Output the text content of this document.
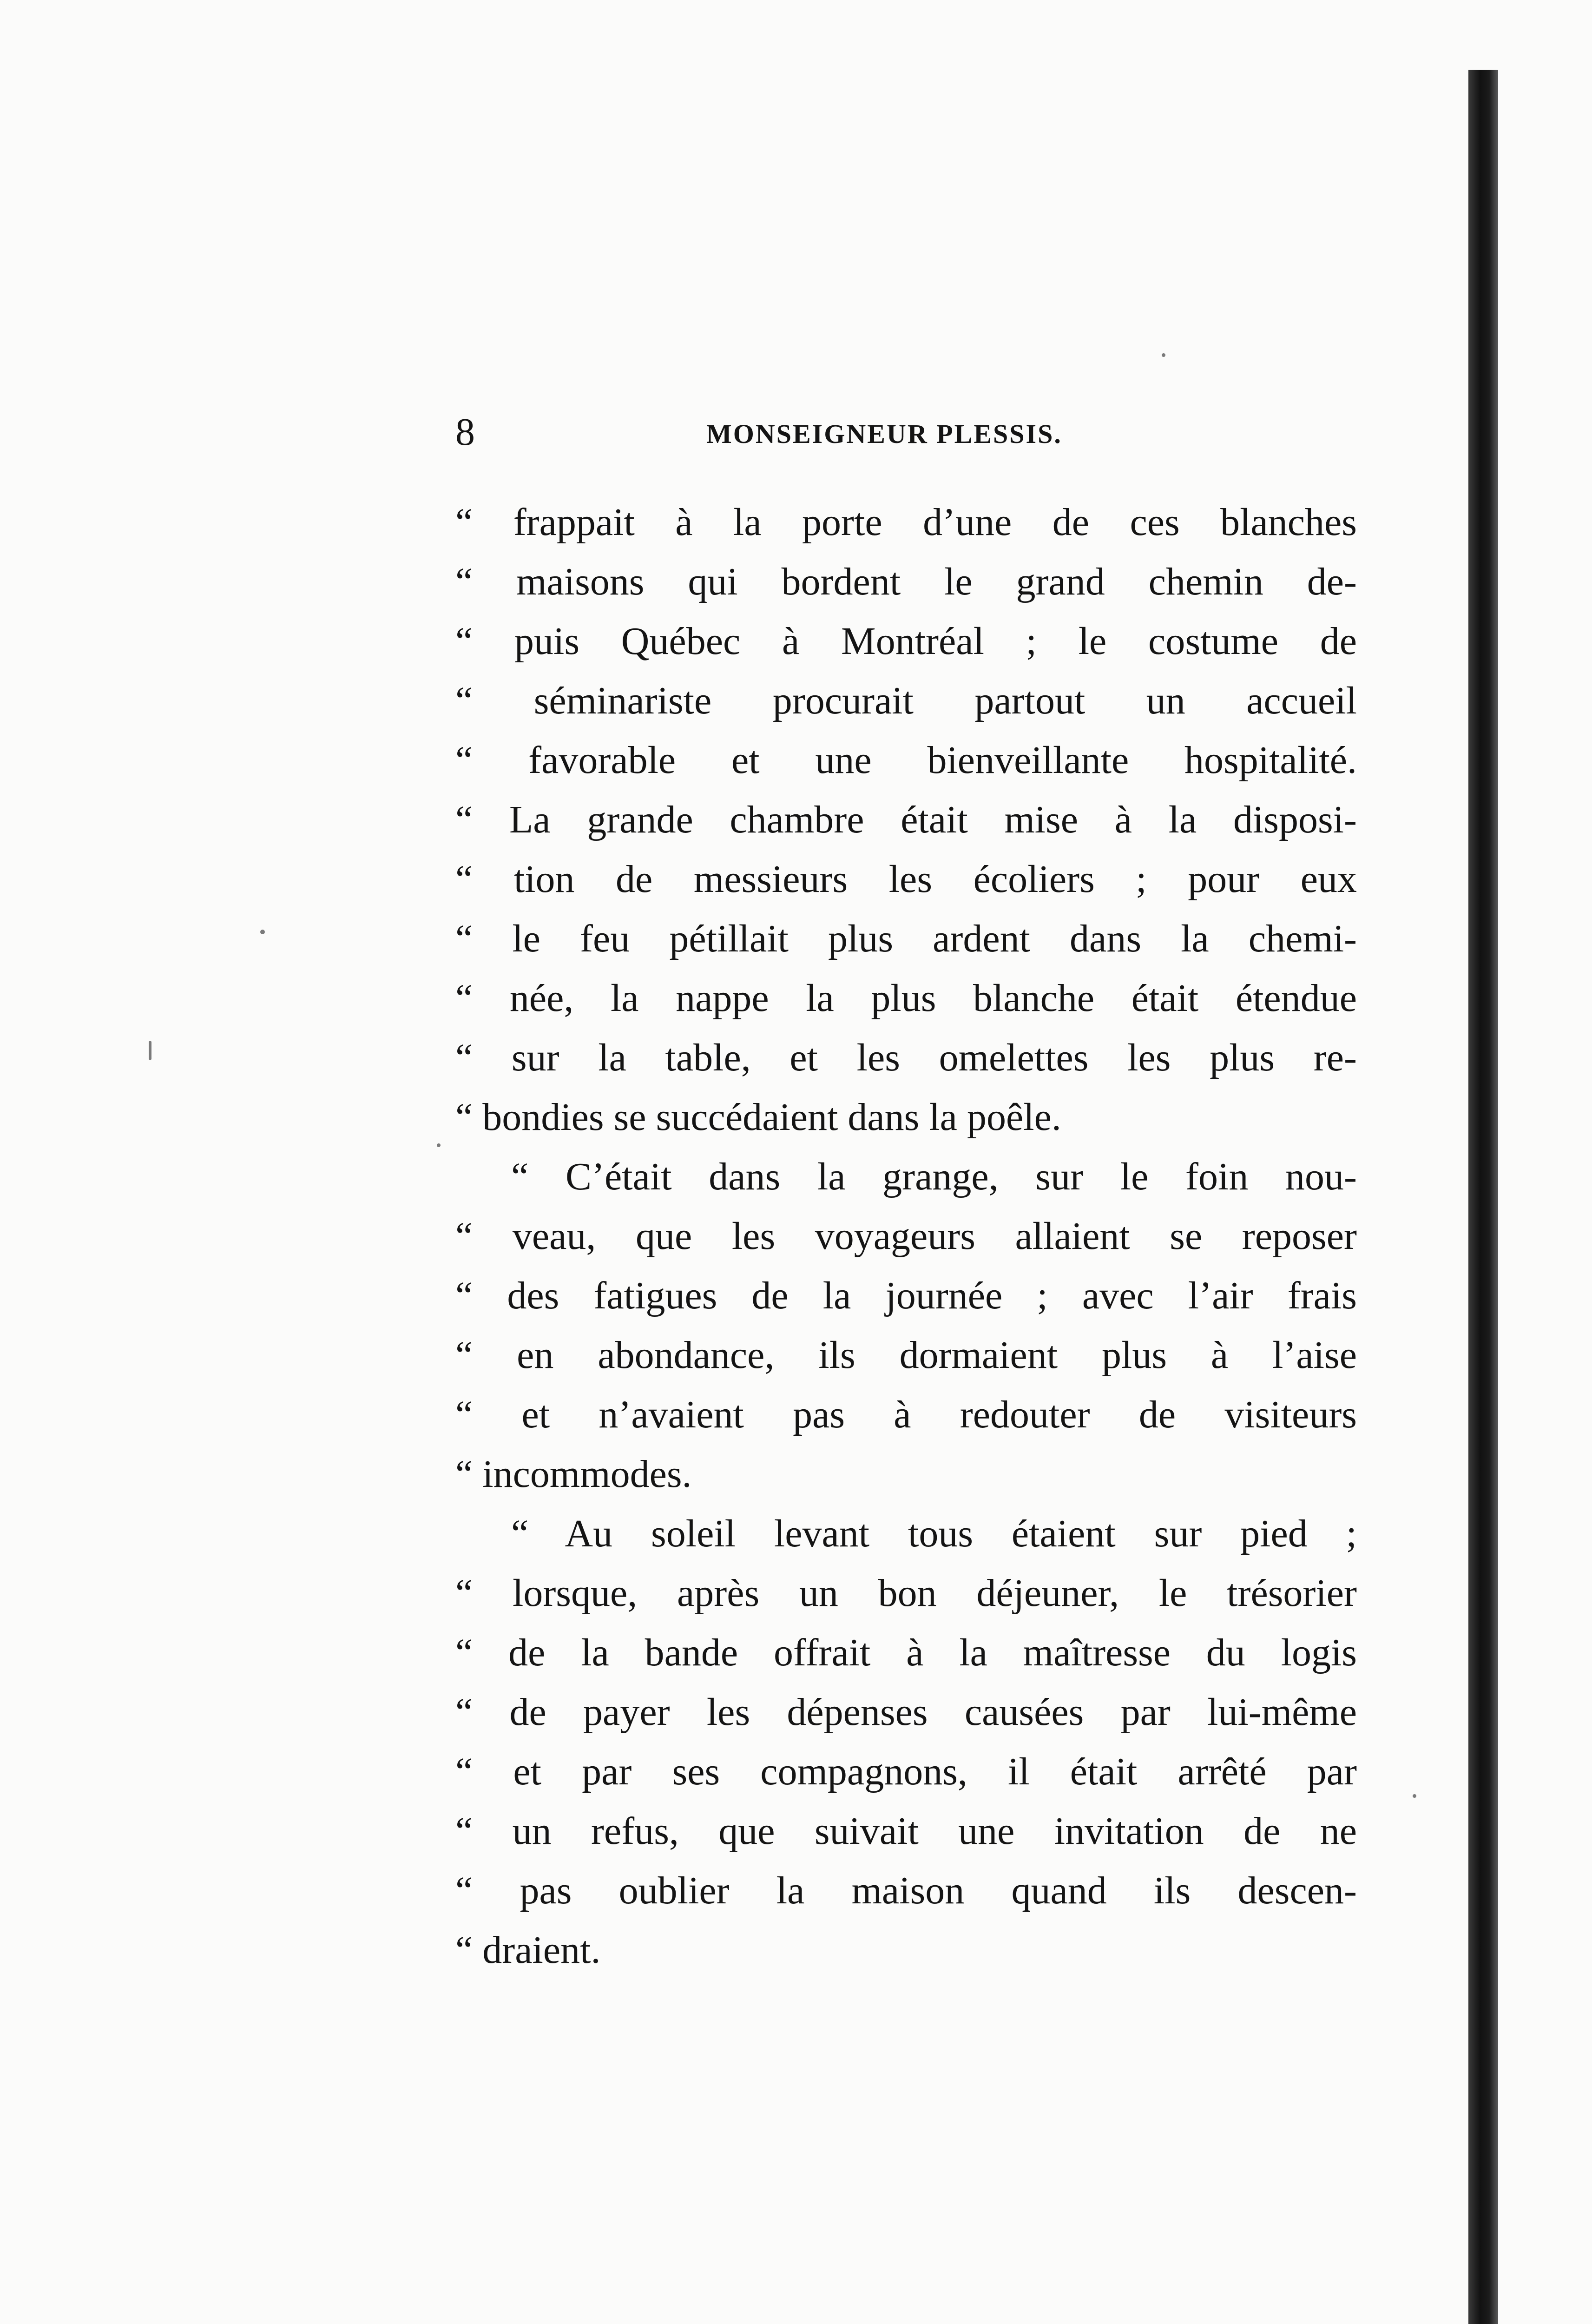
8	MONSEIGNEUR PLESSIS.
“ frappait à la porte d’une de ces blanches
“ maisons qui bordent le grand chemin de-
“ puis Québec à Montréal ; le costume de
“ séminariste procurait partout un accueil
“ favorable et une bienveillante hospitalité.
“ La grande chambre était mise à la disposi-
“ tion de messieurs les écoliers ; pour eux
“ le feu pétillait plus ardent dans la chemi-
“ née, la nappe la plus blanche était étendue
“ sur la table, et les omelettes les plus re-
“ bondies se succédaient dans la poêle.
“ C’était dans la grange, sur le foin nou-
“ veau, que les voyageurs allaient se reposer
“ des fatigues de la journée ; avec l’air frais
“ en abondance, ils dormaient plus à l’aise
“ et n’avaient pas à redouter de visiteurs
“ incommodes.
“ Au soleil levant tous étaient sur pied ;
“ lorsque, après un bon déjeuner, le trésorier
“ de la bande offrait à la maîtresse du logis
“ de payer les dépenses causées par lui-même
“ et par ses compagnons, il était arrêté par
“ un refus, que suivait une invitation de ne
“ pas oublier la maison quand ils descen-
“ draient.
